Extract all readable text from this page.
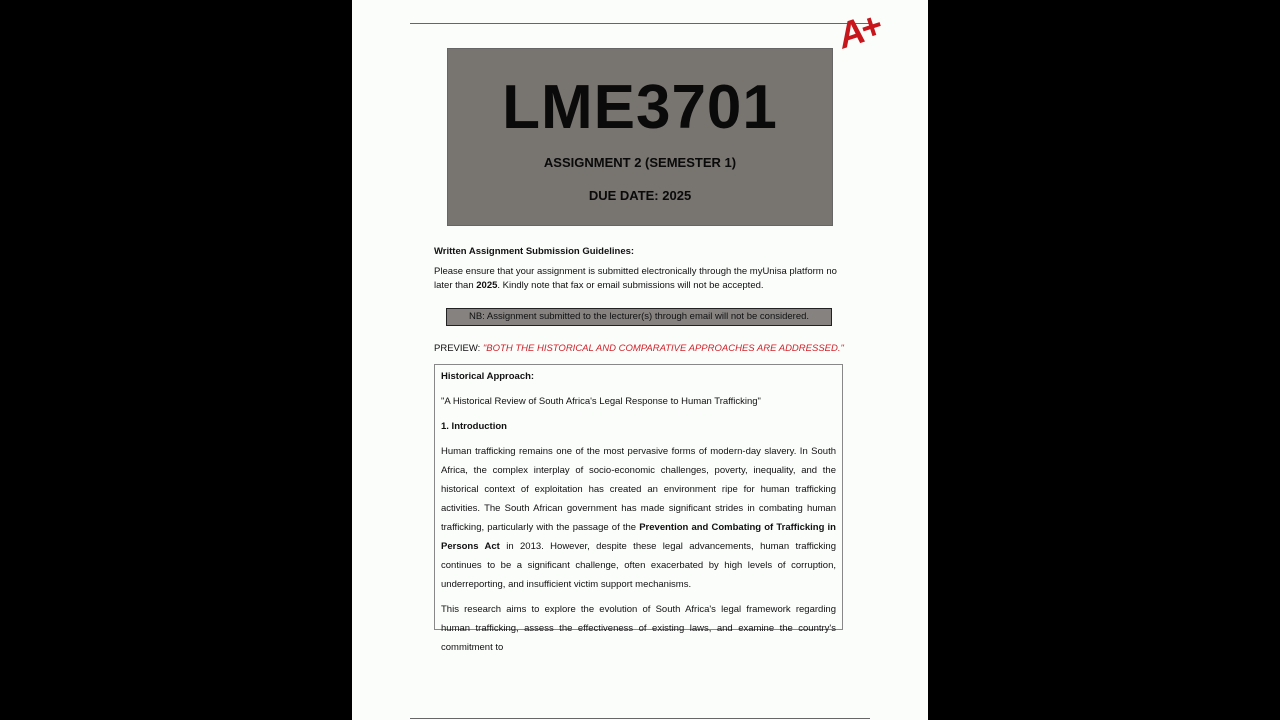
A+
LME3701
ASSIGNMENT 2 (SEMESTER 1)
DUE DATE: 2025
Written Assignment Submission Guidelines:
Please ensure that your assignment is submitted electronically through the myUnisa platform no later than 2025. Kindly note that fax or email submissions will not be accepted.
NB: Assignment submitted to the lecturer(s) through email will not be considered.
PREVIEW: "BOTH THE HISTORICAL AND COMPARATIVE APPROACHES ARE ADDRESSED."

Historical Approach:

"A Historical Review of South Africa's Legal Response to Human Trafficking"

1. Introduction

Human trafficking remains one of the most pervasive forms of modern-day slavery. In South Africa, the complex interplay of socio-economic challenges, poverty, inequality, and the historical context of exploitation has created an environment ripe for human trafficking activities. The South African government has made significant strides in combating human trafficking, particularly with the passage of the Prevention and Combating of Trafficking in Persons Act in 2013. However, despite these legal advancements, human trafficking continues to be a significant challenge, often exacerbated by high levels of corruption, underreporting, and insufficient victim support mechanisms.

This research aims to explore the evolution of South Africa's legal framework regarding human trafficking, assess the effectiveness of existing laws, and examine the country's commitment to
